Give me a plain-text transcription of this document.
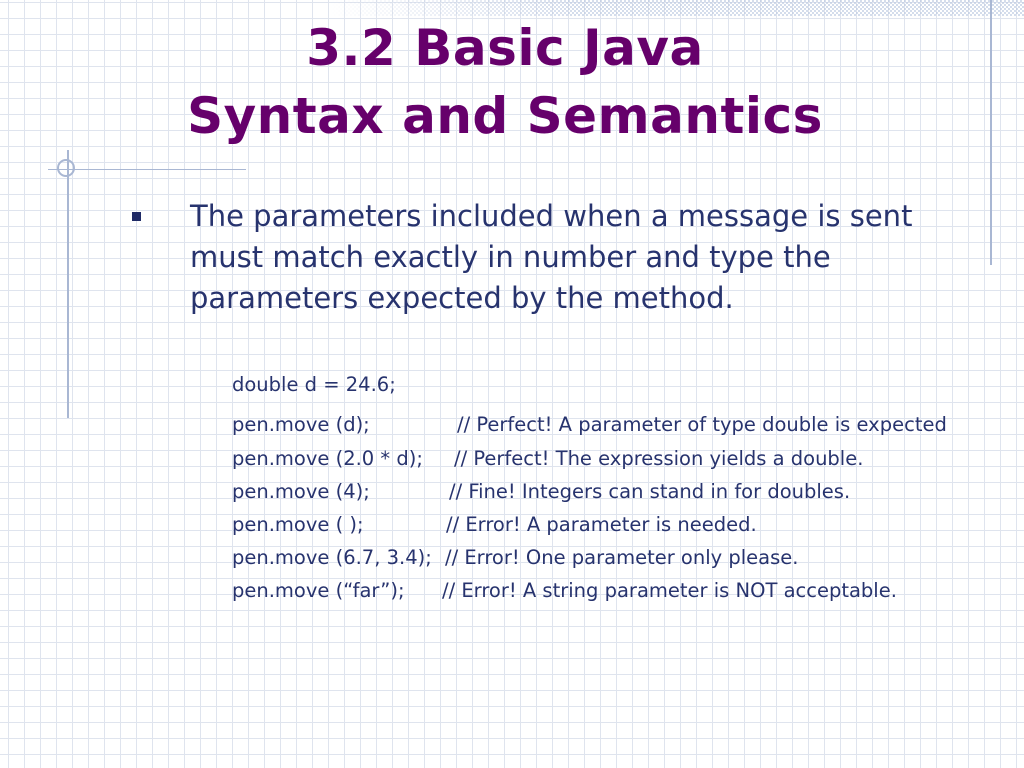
3.2 Basic Java
Syntax and Semantics
The parameters included when a message is sent
must match exactly in number and type the
parameters expected by the method.
double d = 24.6;
pen.move (d);	// Perfect! A parameter of type double is expected
pen.move (2.0 * d); // Perfect! The expression yields a double.
pen.move (4);	// Fine! Integers can stand in for doubles.
pen.move ( );	// Error! A parameter is needed.
pen.move (6.7, 3.4); // Error! One parameter only please.
pen.move (“far”); // Error! A string parameter is NOT acceptable.
